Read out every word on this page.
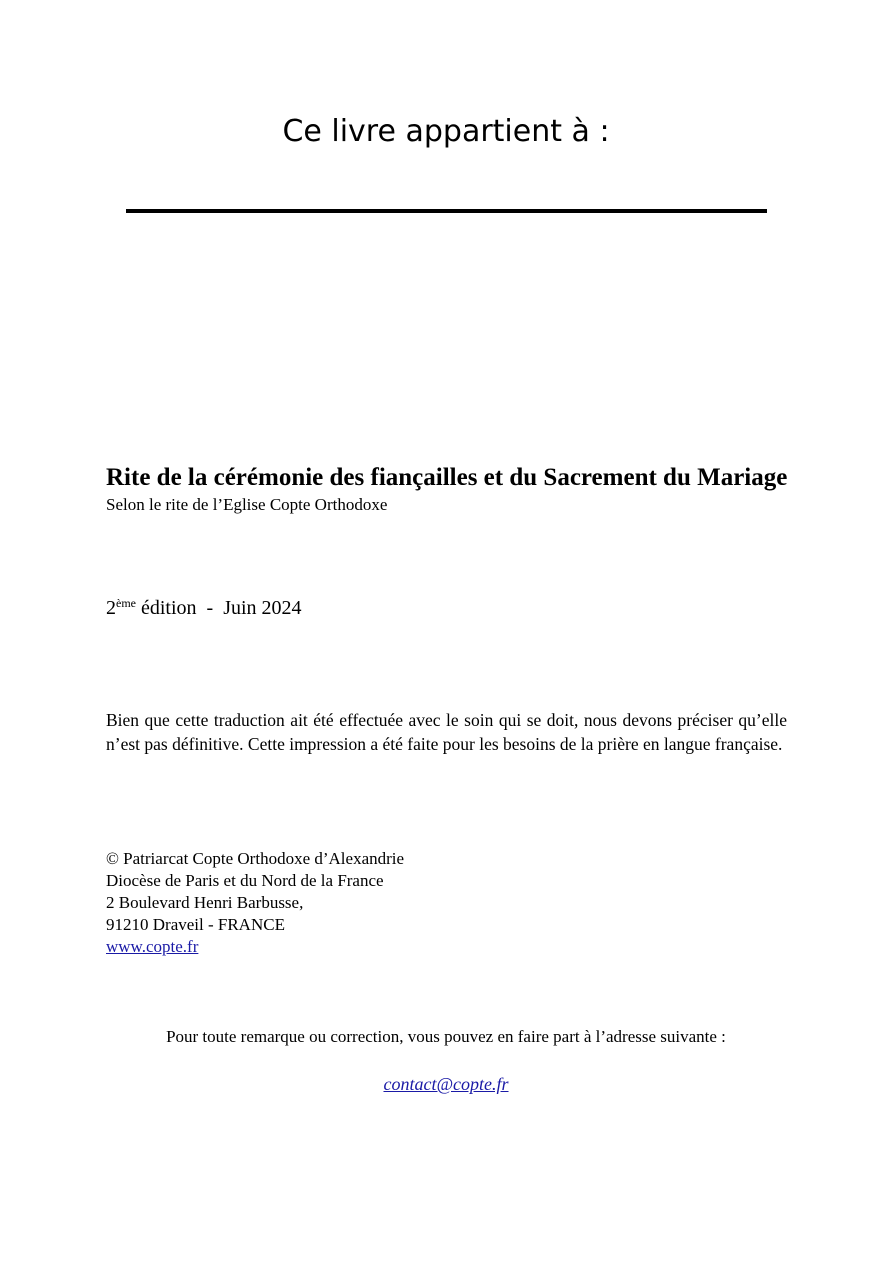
Ce livre appartient à :
Rite de la cérémonie des fiançailles et du Sacrement du Mariage

Selon le rite de l’Eglise Copte Orthodoxe

2ème édition  -  Juin 2024

Bien que cette traduction ait été effectuée avec le soin qui se doit, nous devons préciser qu’elle n’est pas définitive. Cette impression a été faite pour les besoins de la prière en langue française.

© Patriarcat Copte Orthodoxe d’Alexandrie
Diocèse de Paris et du Nord de la France
2 Boulevard Henri Barbusse,
91210 Draveil - FRANCE
www.copte.fr
Pour toute remarque ou correction, vous pouvez en faire part à l’adresse suivante :
contact@copte.fr
